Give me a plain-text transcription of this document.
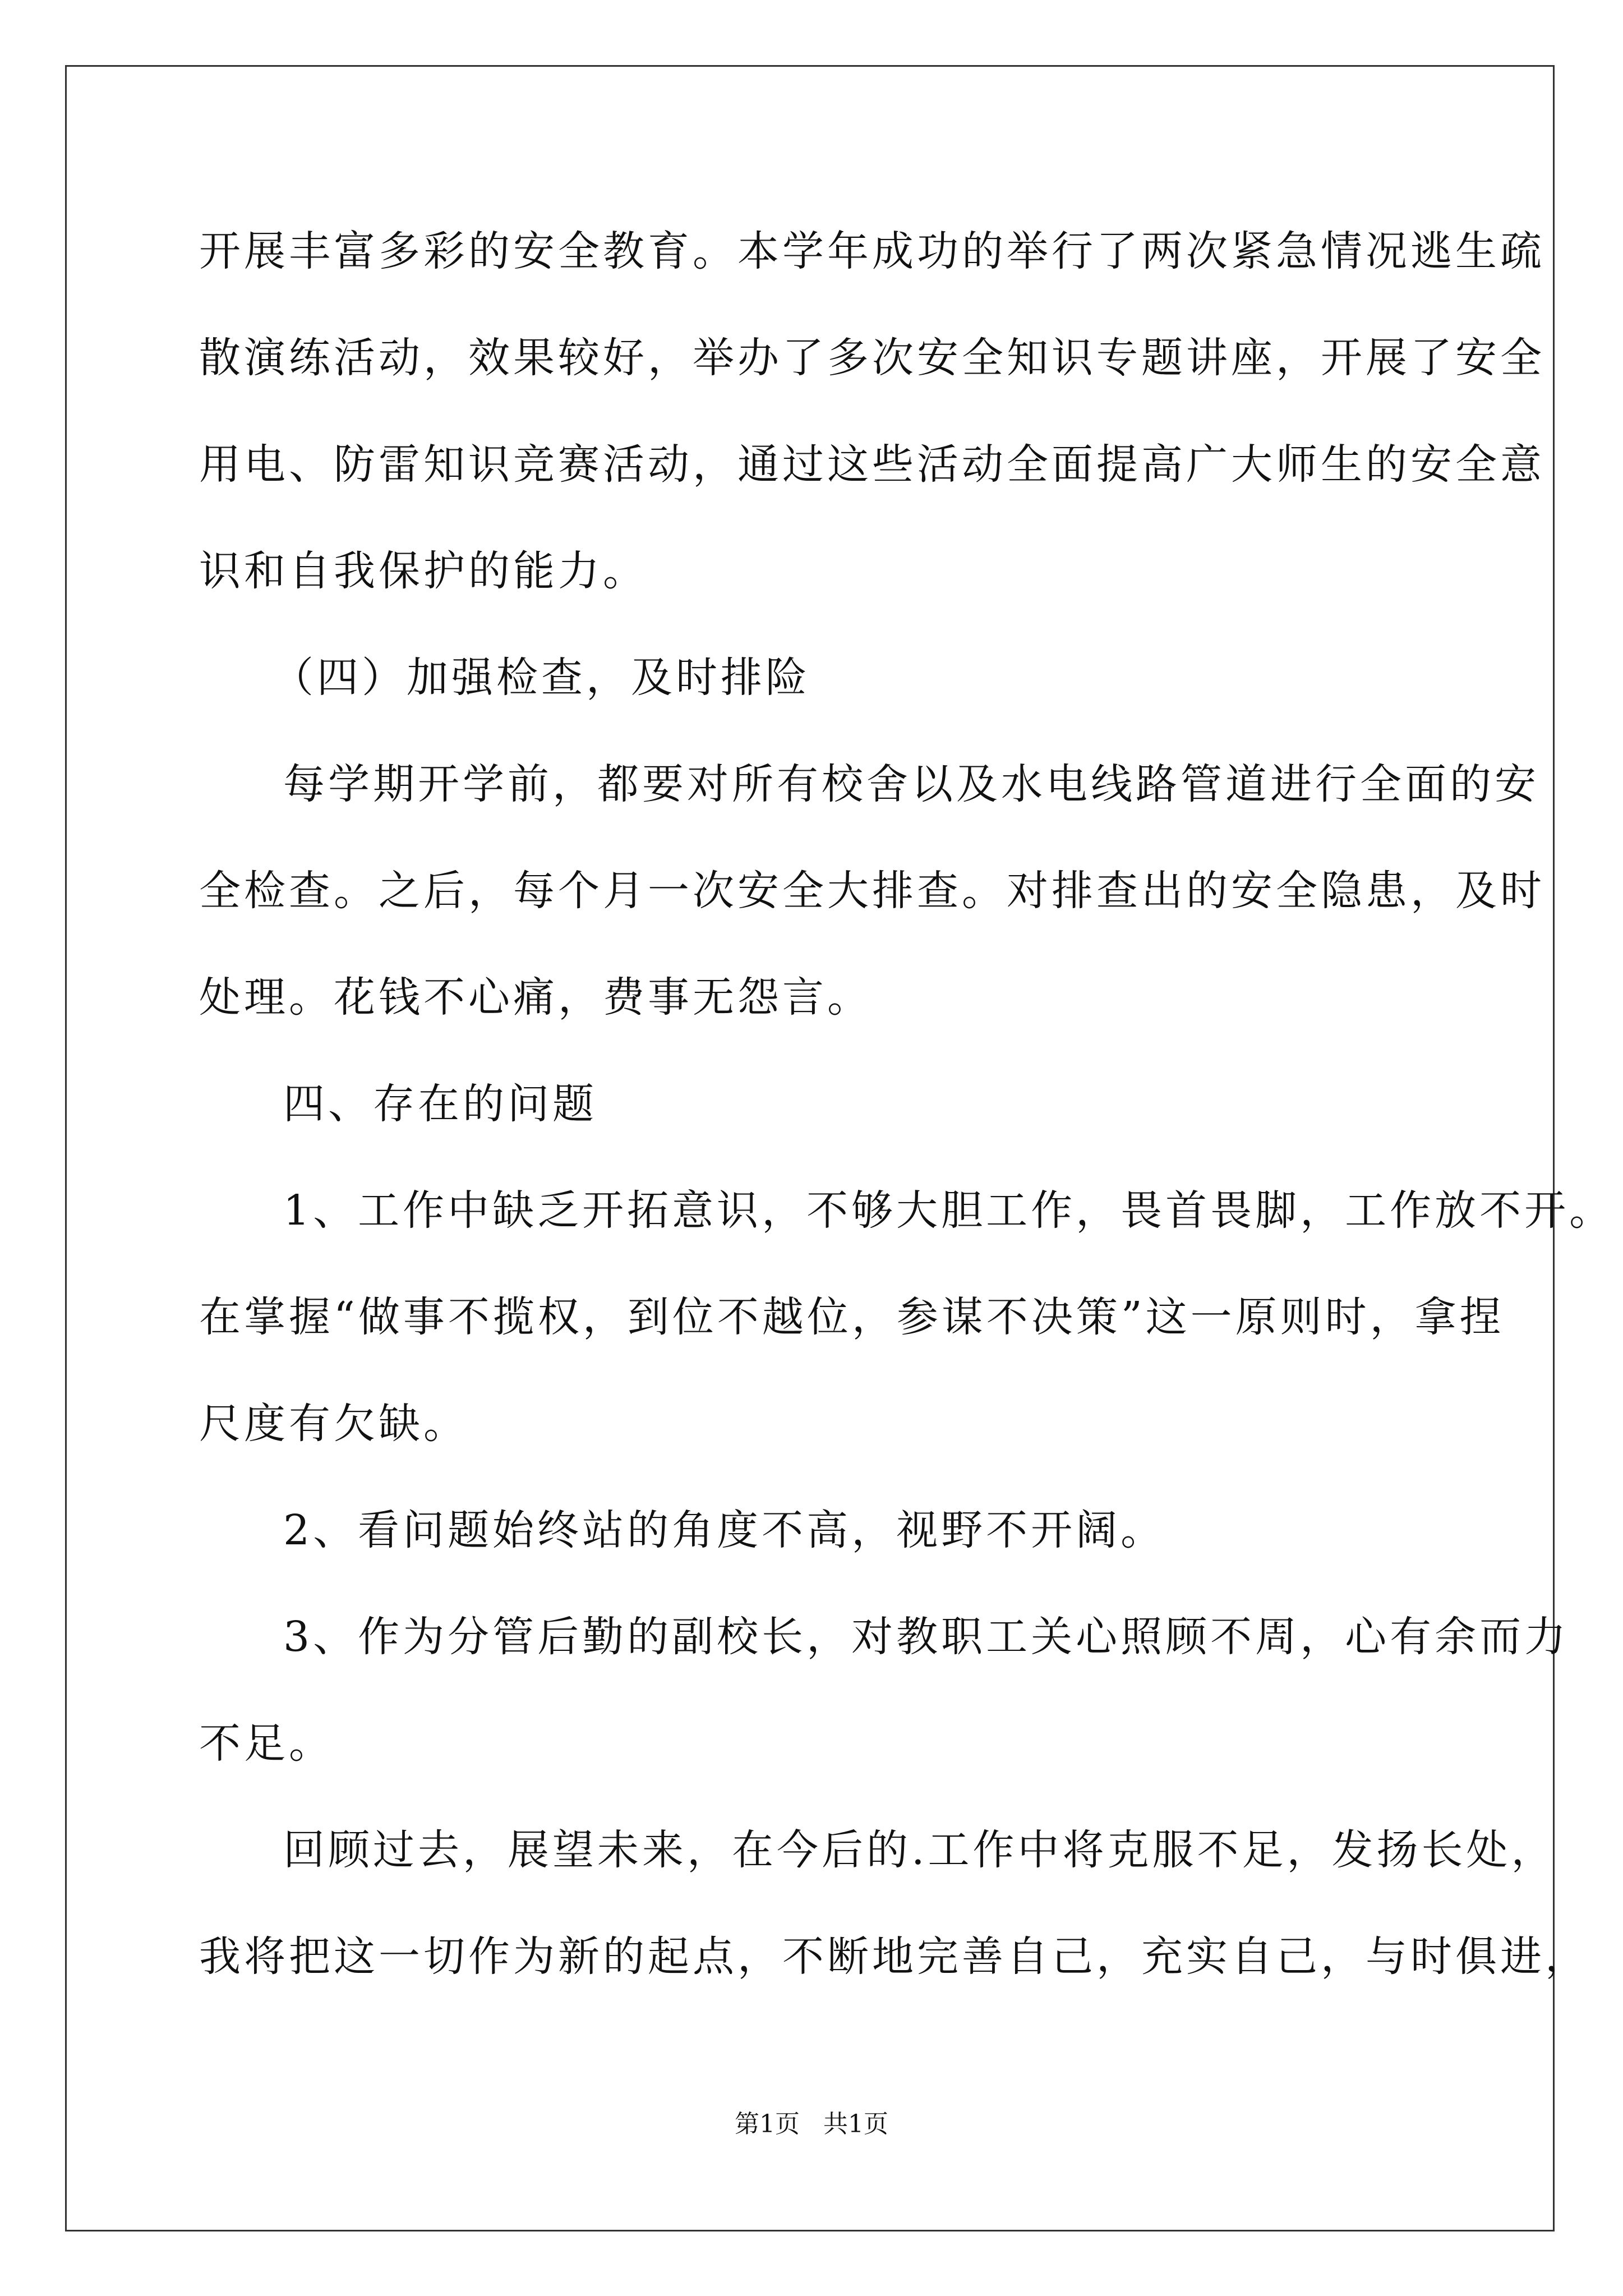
开展丰富多彩的安全教育。本学年成功的举行了两次紧急情况逃生疏
散演练活动，效果较好，举办了多次安全知识专题讲座，开展了安全
用电、防雷知识竞赛活动，通过这些活动全面提高广大师生的安全意
识和自我保护的能力。
（四）加强检查，及时排险
每学期开学前，都要对所有校舍以及水电线路管道进行全面的安
全检查。之后，每个月一次安全大排查。对排查出的安全隐患，及时
处理。花钱不心痛，费事无怨言。
四、存在的问题
1、工作中缺乏开拓意识，不够大胆工作，畏首畏脚，工作放不开。
在掌握“做事不揽权，到位不越位，参谋不决策”这一原则时，拿捏
尺度有欠缺。
2、看问题始终站的角度不高，视野不开阔。
3、作为分管后勤的副校长，对教职工关心照顾不周，心有余而力
不足。
回顾过去，展望未来，在今后的.工作中将克服不足，发扬长处，
我将把这一切作为新的起点，不断地完善自己，充实自己，与时俱进，
第1页   共1页
